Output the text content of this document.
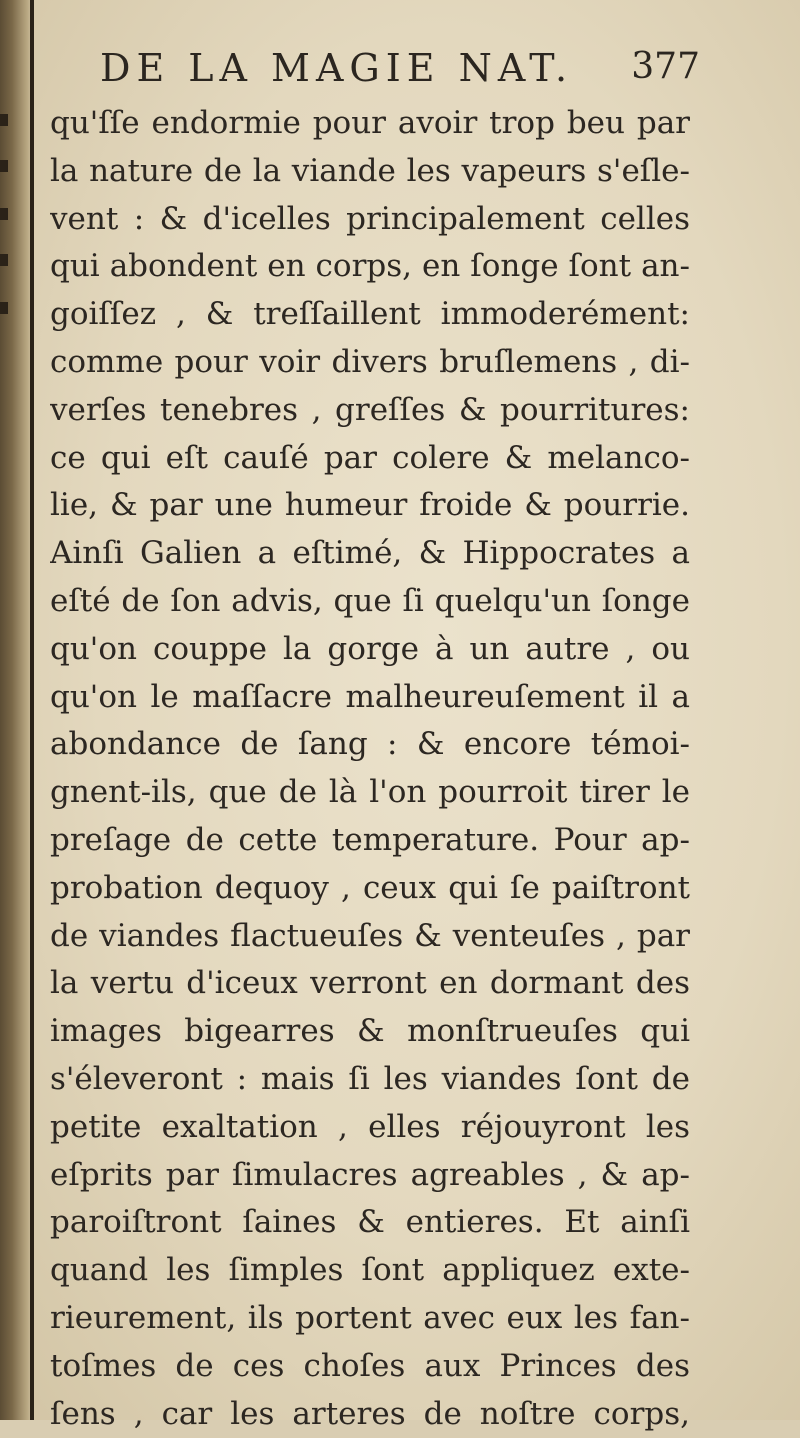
DE LA MAGIE NAT. 377
qu'ſſe endormie pour avoir trop beu par
la nature de la viande les vapeurs s'eſle-
vent : & d'icelles principalement celles
qui abondent en corps, en ſonge ſont an-
goiſſez , & treſſaillent immoderément:
comme pour voir divers bruſlemens , di-
verſes tenebres , greſſes & pourritures:
ce qui eſt cauſé par colere & melanco-
lie, & par une humeur froide & pourrie.
Ainſi Galien a eſtimé, & Hippocrates a
eſté de ſon advis, que ſi quelqu'un ſonge
qu'on couppe la gorge à un autre , ou
qu'on le maſſacre malheureuſement il a
abondance de ſang : & encore témoi-
gnent-ils, que de là l'on pourroit tirer le
preſage de cette temperature. Pour ap-
probation dequoy , ceux qui ſe paiſtront
de viandes flactueuſes & venteuſes , par
la vertu d'iceux verront en dormant des
images bigearres & monſtrueuſes qui
s'éleveront : mais ſi les viandes ſont de
petite exaltation , elles réjouyront les
eſprits par ſimulacres agreables , & ap-
paroiſtront ſaines & entieres. Et ainſi
quand les ſimples ſont appliquez exte-
rieurement, ils portent avec eux les fan-
toſmes de ces choſes aux Princes des
ſens , car les arteres de noſtre corps,
